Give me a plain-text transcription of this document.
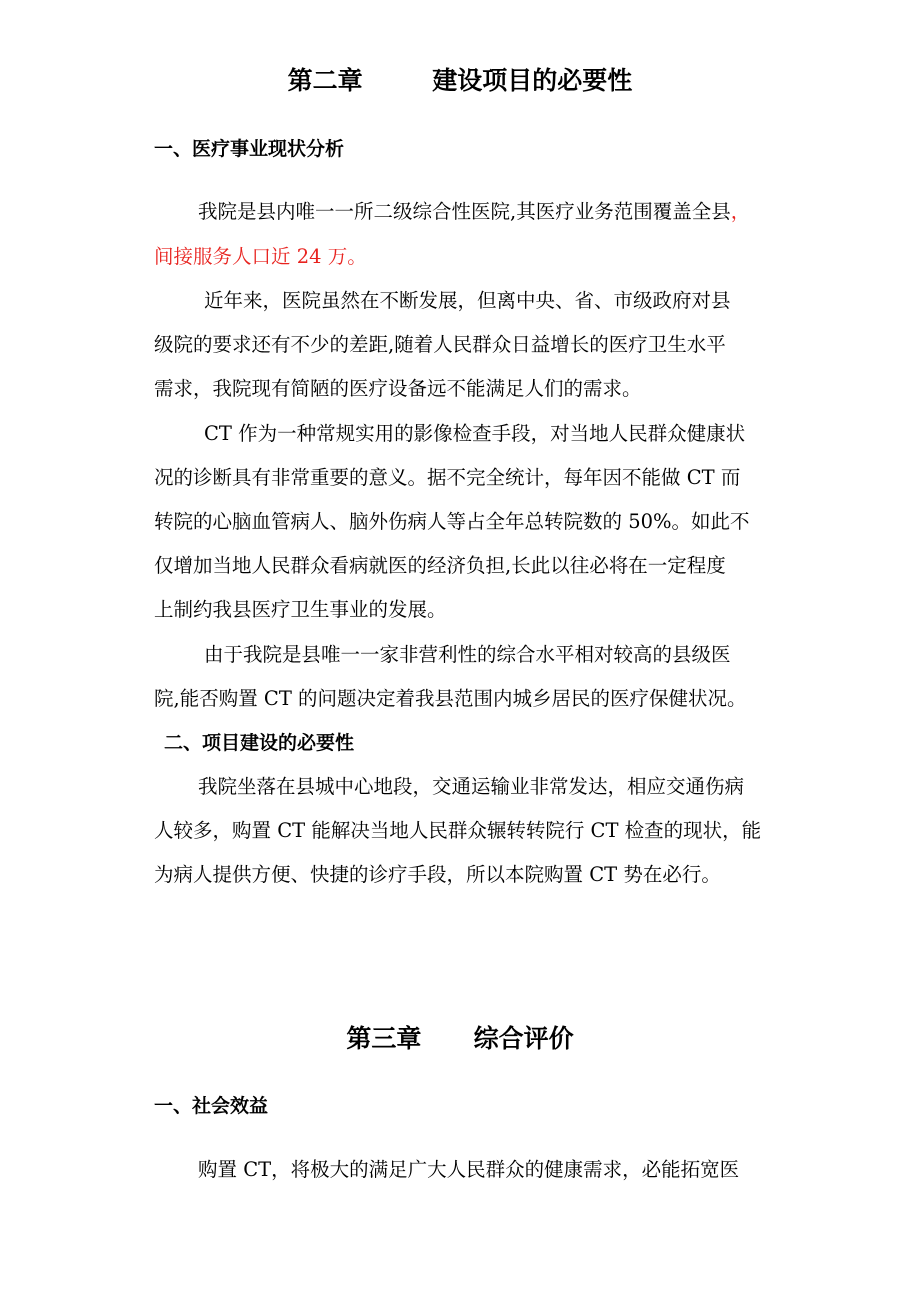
第二章        建设项目的必要性
一、医疗事业现状分析

我院是县内唯一一所二级综合性医院,其医疗业务范围覆盖全县，

间接服务人口近 24 万。

近年来，医院虽然在不断发展，但离中央、省、市级政府对县

级院的要求还有不少的差距,随着人民群众日益增长的医疗卫生水平

需求，我院现有简陋的医疗设备远不能满足人们的需求。

CT 作为一种常规实用的影像检查手段，对当地人民群众健康状

况的诊断具有非常重要的意义。据不完全统计，每年因不能做 CT 而

转院的心脑血管病人、脑外伤病人等占全年总转院数的 50%。如此不

仅增加当地人民群众看病就医的经济负担,长此以往必将在一定程度

上制约我县医疗卫生事业的发展。

由于我院是县唯一一家非营利性的综合水平相对较高的县级医

院,能否购置 CT 的问题决定着我县范围内城乡居民的医疗保健状况。

二、项目建设的必要性

我院坐落在县城中心地段，交通运输业非常发达，相应交通伤病

人较多，购置 CT 能解决当地人民群众辗转转院行 CT 检查的现状，能

为病人提供方便、快捷的诊疗手段，所以本院购置 CT 势在必行。

第三章      综合评价
一、社会效益

购置 CT，将极大的满足广大人民群众的健康需求，必能拓宽医
